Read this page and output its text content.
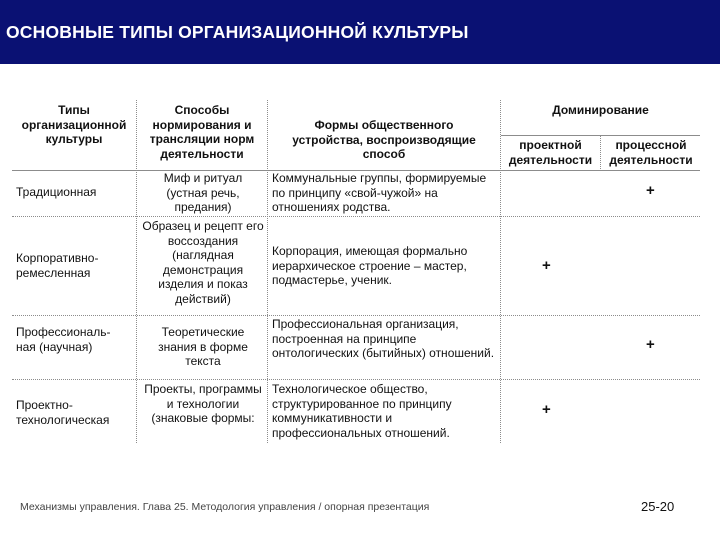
ОСНОВНЫЕ ТИПЫ ОРГАНИЗАЦИОННОЙ КУЛЬТУРЫ
Типы организационной культуры
Способы нормирования и трансляции норм деятельности
Формы общественного устройства, воспроизводящие способ
Доминирование
проектной деятельности
процессной деятельности
Традиционная
Миф и ритуал (устная речь, предания)
Коммунальные группы, формируемые по принципу «свой-чужой» на отношениях родства.
+
Корпоративно-ремесленная
Образец и рецепт его воссоздания (наглядная демонстрация изделия и показ действий)
Корпорация, имеющая формально иерархическое строение – мастер, подмастерье, ученик.
+
Профессиональ-ная (научная)
Теоретические знания в форме текста
Профессиональная организация, построенная на принципе онтологических (бытийных) отношений.	+
Проектно-технологическая
Проекты, программы и технологии (знаковые формы:
Технологическое общество, структурированное по принципу коммуникативности и профессиональных отношений.
+
Механизмы управления. Глава 25. Методология управления / опорная презентация	25-20
